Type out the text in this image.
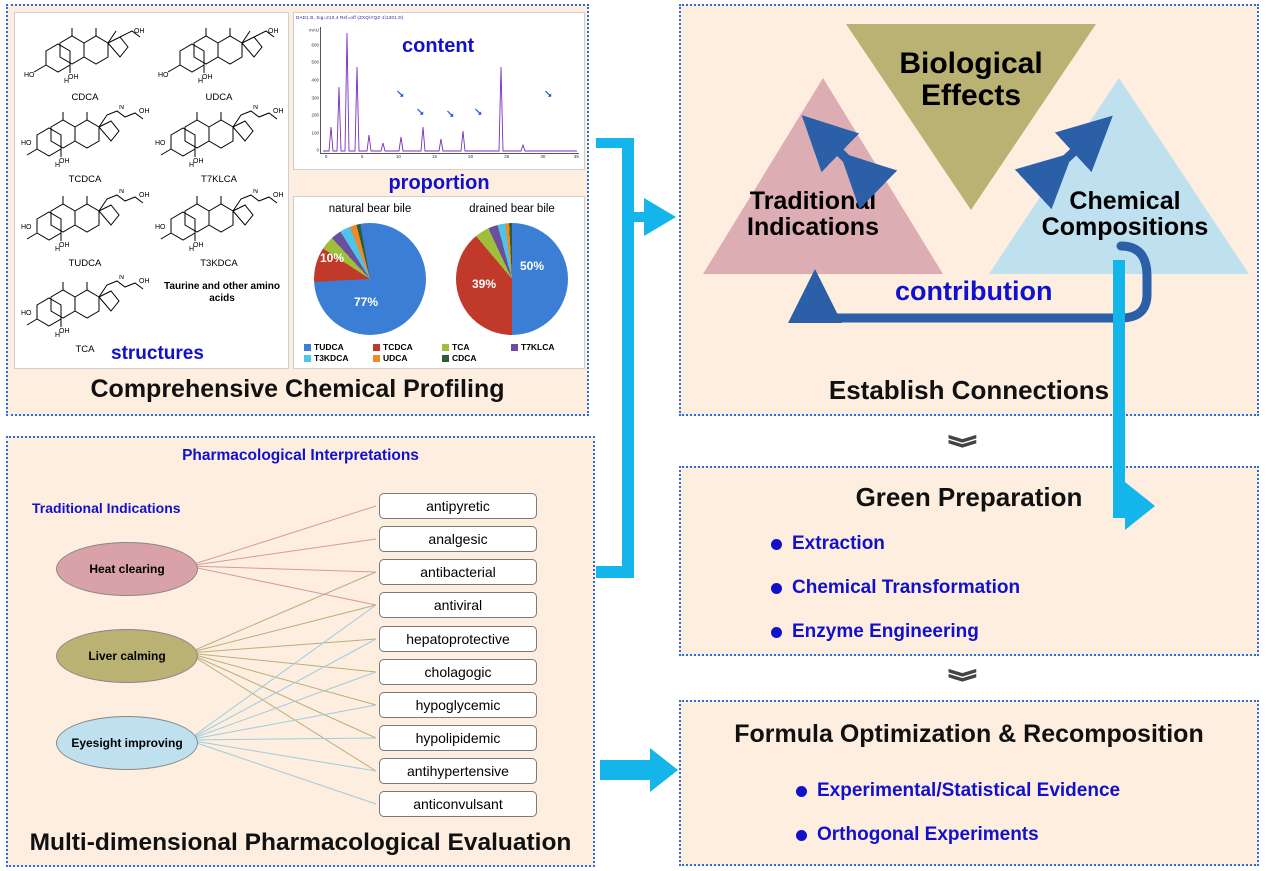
HO
H
OH
OH
CDCA
HO
H
OH
OH
UDCA
HO
H
OH
N
OH
TCDCA
HO
H
OH
N
OH
T7KLCA
HO
H
OH
N
OH
TUDCA
HO
H
OH
N
OH
T3KDCA
HO
H
OH
N
OH
TCA
Taurine and other amino acids
structures
DAD1 B, Sig=210,4 Ref=off (ZXQ\YQZ-1\1301.D)
mAU
600
500
400
300
200
100
0
0	5	10	15	20	25	30	35
➞
➞ ➞ ➞
➞
content
proportion
natural bear bile	drained bear bile
77%
10%
50%
39%
TUDCA	TCDCA	TCA	T7KLCA
T3KDCA	UDCA	CDCA
Comprehensive Chemical Profiling
Pharmacological Interpretations
Traditional Indications
Heat clearing
Liver calming
Eyesight improving
antipyretic
analgesic
antibacterial
antiviral
hepatoprotective
cholagogic
hypoglycemic
hypolipidemic
antihypertensive
anticonvulsant
Multi-dimensional Pharmacological Evaluation
Biological Effects
Traditional Indications
Chemical Compositions
contribution
Establish Connections
Green Preparation
Extraction
Chemical Transformation
Enzyme Engineering
Formula Optimization & Recomposition
Experimental/Statistical Evidence
Orthogonal Experiments
⟫
⟫
